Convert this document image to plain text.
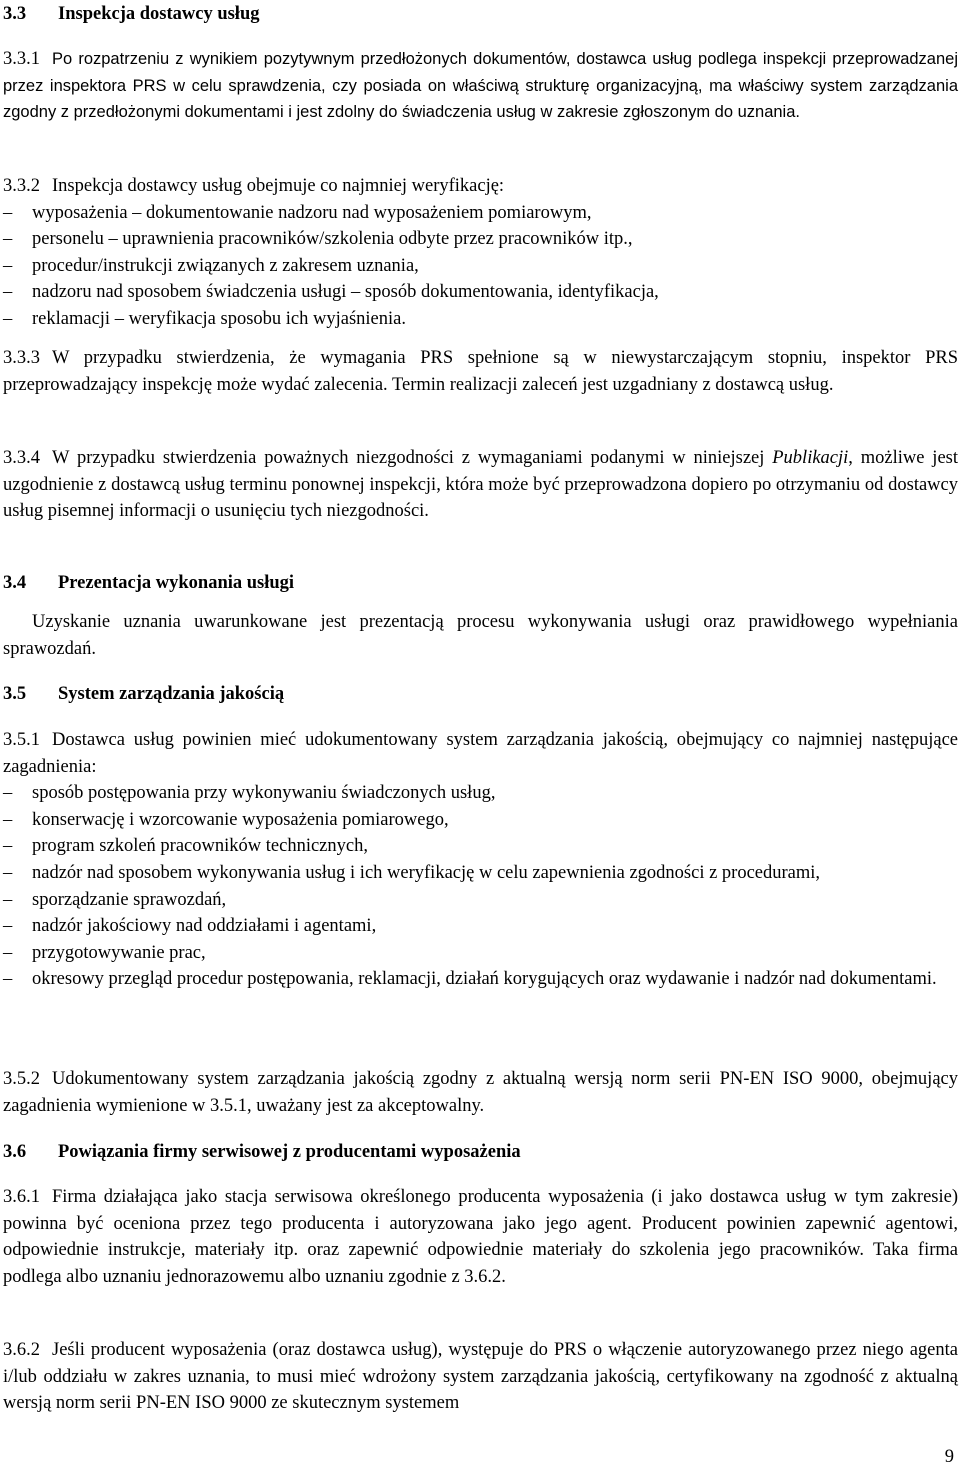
3.3 Inspekcja dostawcy usług

3.3.1 Po rozpatrzeniu z wynikiem pozytywnym przedłożonych dokumentów, dostawca usług podlega inspekcji przeprowadzanej przez inspektora PRS w celu sprawdzenia, czy posiada on właściwą strukturę organizacyjną, ma właściwy system zarządzania zgodny z przedłożonymi dokumentami i jest zdolny do świadczenia usług w zakresie zgłoszonym do uznania.

3.3.2 Inspekcja dostawcy usług obejmuje co najmniej weryfikację:

– wyposażenia – dokumentowanie nadzoru nad wyposażeniem pomiarowym,
– personelu – uprawnienia pracowników/szkolenia odbyte przez pracowników itp.,
– procedur/instrukcji związanych z zakresem uznania,
– nadzoru nad sposobem świadczenia usługi – sposób dokumentowania, identyfikacja,
– reklamacji – weryfikacja sposobu ich wyjaśnienia.

3.3.3 W przypadku stwierdzenia, że wymagania PRS spełnione są w niewystarczającym stopniu, inspektor PRS przeprowadzający inspekcję może wydać zalecenia. Termin realizacji zaleceń jest uzgadniany z dostawcą usług.

3.3.4 W przypadku stwierdzenia poważnych niezgodności z wymaganiami podanymi w niniejszej Publikacji, możliwe jest uzgodnienie z dostawcą usług terminu ponownej inspekcji, która może być przeprowadzona dopiero po otrzymaniu od dostawcy usług pisemnej informacji o usunięciu tych niezgodności.

3.4 Prezentacja wykonania usługi

Uzyskanie uznania uwarunkowane jest prezentacją procesu wykonywania usługi oraz prawidłowego wypełniania sprawozdań.

3.5 System zarządzania jakością

3.5.1 Dostawca usług powinien mieć udokumentowany system zarządzania jakością, obejmujący co najmniej następujące zagadnienia:

– sposób postępowania przy wykonywaniu świadczonych usług,
– konserwację i wzorcowanie wyposażenia pomiarowego,
– program szkoleń pracowników technicznych,
– nadzór nad sposobem wykonywania usług i ich weryfikację w celu zapewnienia zgodności z procedurami,
– sporządzanie sprawozdań,
– nadzór jakościowy nad oddziałami i agentami,
– przygotowywanie prac,
– okresowy przegląd procedur postępowania, reklamacji, działań korygujących oraz wydawanie i nadzór nad dokumentami.

3.5.2 Udokumentowany system zarządzania jakością zgodny z aktualną wersją norm serii PN-EN ISO 9000, obejmujący zagadnienia wymienione w 3.5.1, uważany jest za akceptowalny.

3.6 Powiązania firmy serwisowej z producentami wyposażenia

3.6.1 Firma działająca jako stacja serwisowa określonego producenta wyposażenia (i jako dostawca usług w tym zakresie) powinna być oceniona przez tego producenta i autoryzowana jako jego agent. Producent powinien zapewnić agentowi, odpowiednie instrukcje, materiały itp. oraz zapewnić odpowiednie materiały do szkolenia jego pracowników. Taka firma podlega albo uznaniu jednorazowemu albo uznaniu zgodnie z 3.6.2.

3.6.2 Jeśli producent wyposażenia (oraz dostawca usług), występuje do PRS o włączenie autoryzowanego przez niego agenta i/lub oddziału w zakres uznania, to musi mieć wdrożony system zarządzania jakością, certyfikowany na zgodność z aktualną wersją norm serii PN-EN ISO 9000 ze skutecznym systemem

9
